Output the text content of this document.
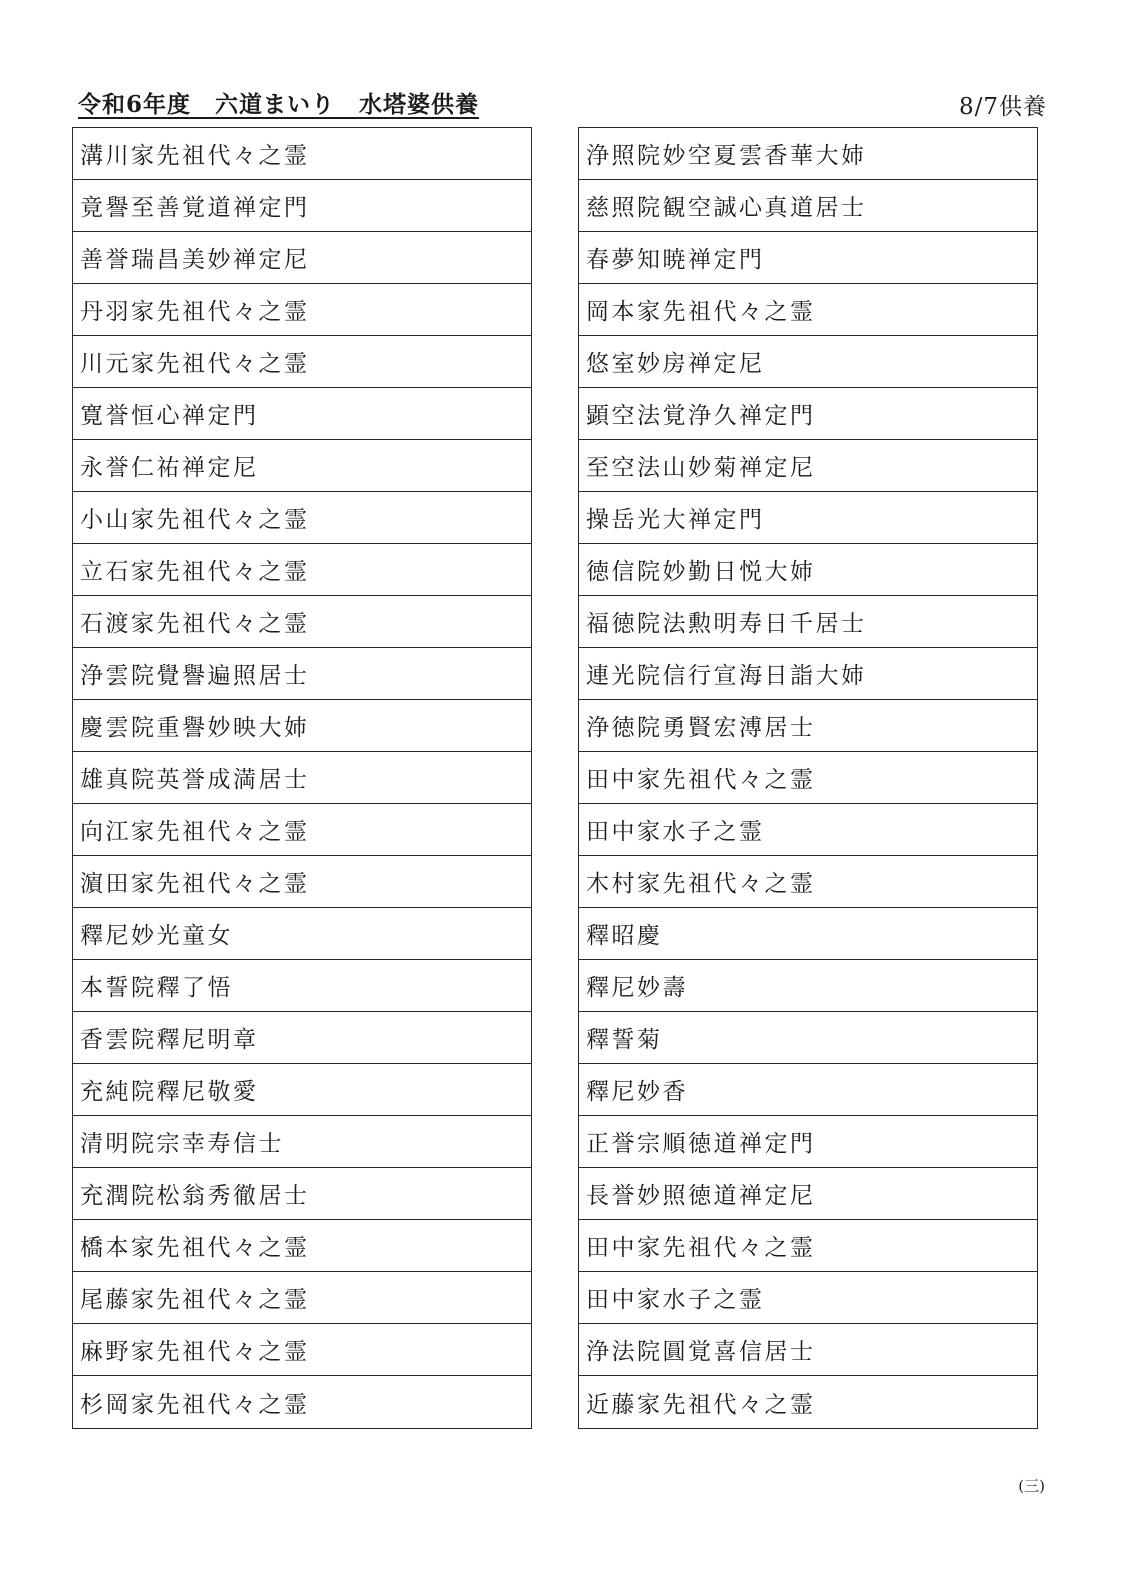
令和6年度　六道まいり　水塔婆供養	8/7供養
溝川家先祖代々之霊
竟譽至善覚道禅定門
善誉瑞昌美妙禅定尼
丹羽家先祖代々之霊
川元家先祖代々之霊
寛誉恒心禅定門
永誉仁祐禅定尼
小山家先祖代々之霊
立石家先祖代々之霊
石渡家先祖代々之霊
浄雲院覺譽遍照居士
慶雲院重譽妙映大姉
雄真院英誉成満居士
向江家先祖代々之霊
濵田家先祖代々之霊
釋尼妙光童女
本誓院釋了悟
香雲院釋尼明章
充純院釋尼敬愛
清明院宗幸寿信士
充潤院松翁秀徹居士
橋本家先祖代々之霊
尾藤家先祖代々之霊
麻野家先祖代々之霊
杉岡家先祖代々之霊
浄照院妙空夏雲香華大姉
慈照院観空誠心真道居士
春夢知暁禅定門
岡本家先祖代々之霊
悠室妙房禅定尼
顕空法覚浄久禅定門
至空法山妙菊禅定尼
操岳光大禅定門
徳信院妙勤日悦大姉
福徳院法勲明寿日千居士
連光院信行宣海日詣大姉
浄徳院勇賢宏溥居士
田中家先祖代々之霊
田中家水子之霊
木村家先祖代々之霊
釋昭慶
釋尼妙壽
釋誓菊
釋尼妙香
正誉宗順徳道禅定門
長誉妙照徳道禅定尼
田中家先祖代々之霊
田中家水子之霊
浄法院圓覚喜信居士
近藤家先祖代々之霊
(三)
